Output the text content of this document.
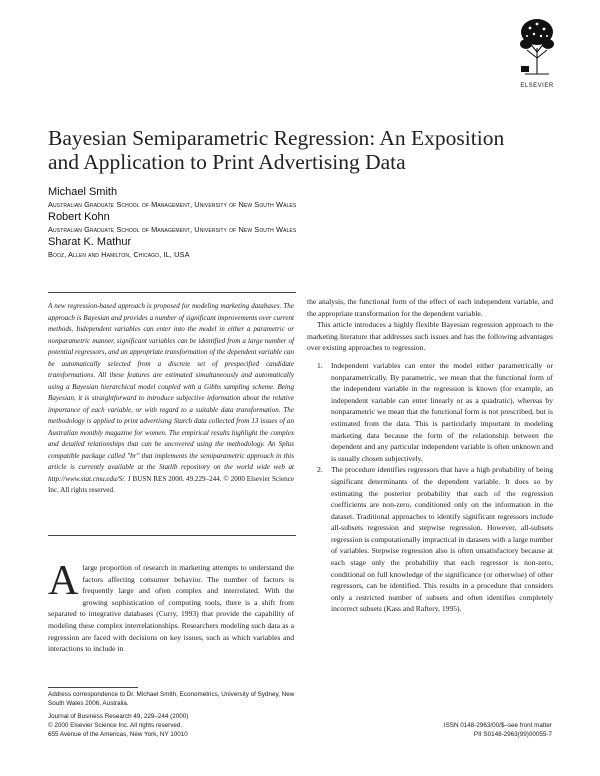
ELSEVIER
Bayesian Semiparametric Regression: An Exposition
and Application to Print Advertising Data
Michael Smith
Australian Graduate School of Management, University of New South Wales
Robert Kohn
Australian Graduate School of Management, University of New South Wales
Sharat K. Mathur
Booz, Allen and Hamilton, Chicago, IL, USA
A new regression-based approach is proposed for modeling marketing databases. The approach is Bayesian and provides a number of significant improvements over current methods. Independent variables can enter into the model in either a parametric or nonparametric manner, significant variables can be identified from a large number of potential regressors, and an appropriate transformation of the dependent variable can be automatically selected from a discrete set of prespecified candidate transformations. All these features are estimated simultaneously and automatically using a Bayesian hierarchical model coupled with a Gibbs sampling scheme. Being Bayesian, it is straightforward to introduce subjective information about the relative importance of each variable, or with regard to a suitable data transformation. The methodology is applied to print advertising Starch data collected from 13 issues of an Australian monthly magazine for women. The empirical results highlight the complex and detailed relationships that can be uncovered using the methodology. An Splus compatible package called "br" that implements the semiparametric approach in this article is currently available at the Statlib repository on the world wide web at http://www.stat.cmu.edu/S/. J BUSN RES 2000. 49.229–244. © 2000 Elsevier Science Inc. All rights reserved.
A large proportion of research in marketing attempts to understand the factors affecting consumer behavior. The number of factors is frequently large and often complex and interrelated. With the growing sophistication of computing tools, there is a shift from separated to integrative databases (Curry, 1993) that provide the capability of modeling these complex interrelationships. Researchers modeling such data as a regression are faced with decisions on key issues, such as which variables and interactions to include in
Address correspondence to Dr. Michael Smith, Econometrics, University of Sydney, New South Wales 2006, Australia.
Journal of Business Research 49, 229–244 (2000)
© 2000 Elsevier Science Inc. All rights reserved.
655 Avenue of the Americas, New York, NY 10010

the analysis, the functional form of the effect of each independent variable, and the appropriate transformation for the dependent variable.

This article introduces a highly flexible Bayesian regression approach to the marketing literature that addresses such issues and has the following advantages over existing approaches to regression.

1. Independent variables can enter the model either parametrically or nonparametrically. By parametric, we mean that the functional form of the independent variable in the regression is known (for example, an independent variable can enter linearly or as a quadratic), whereas by nonparametric we mean that the functional form is not prescribed, but is estimated from the data. This is particularly important in modeling marketing data because the form of the relationship between the dependent and any particular independent variable is often unknown and is usually chosen subjectively.
2. The procedure identifies regressors that have a high probability of being significant determinants of the dependent variable. It does so by estimating the posterior probability that each of the regression coefficients are non-zero, conditioned only on the information in the dataset. Traditional approaches to identify significant regressors include all-subsets regression and stepwise regression. However, all-subsets regression is computationally impractical in datasets with a large number of variables. Stepwise regression also is often unsatisfactory because at each stage only the probability that each regressor is non-zero, conditional on full knowledge of the significance (or otherwise) of other regressors, can be identified. This results in a procedure that considers only a restricted number of subsets and often identifies completely incorrect subsets (Kass and Raftery, 1995).
ISSN 0148-2963/00/$–see front matter
PII S0148-2963(99)00055-7
